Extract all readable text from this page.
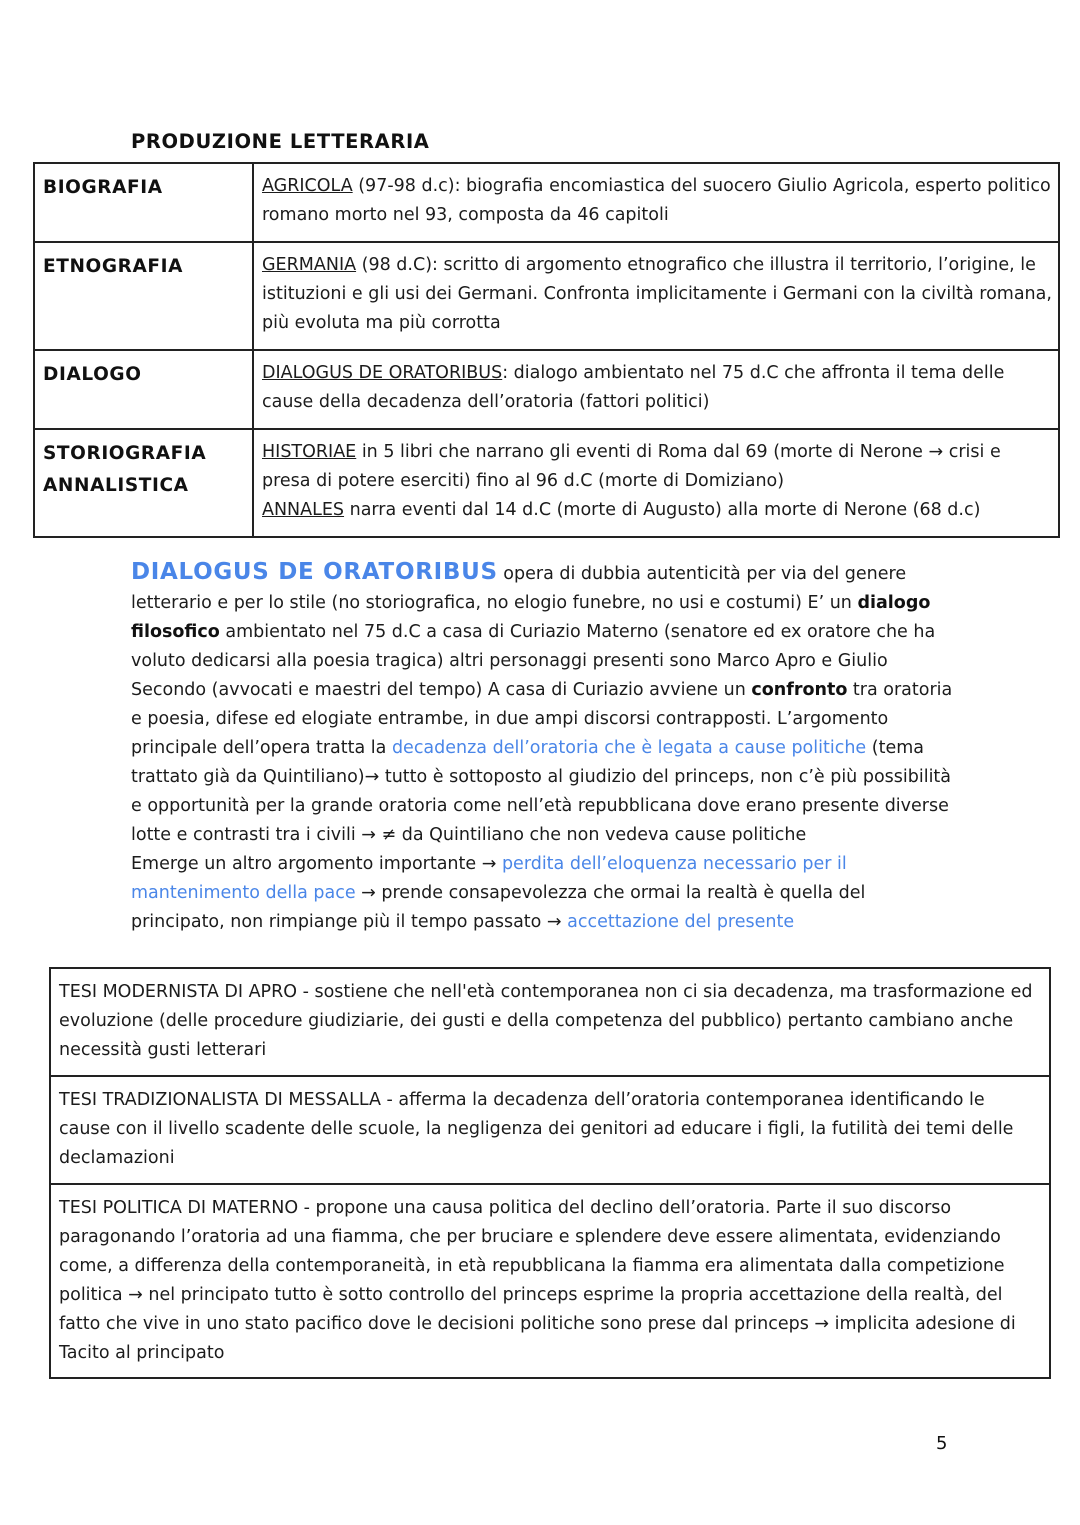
PRODUZIONE LETTERARIA
BIOGRAFIA	AGRICOLA (97-98 d.c): biografia encomiastica del suocero Giulio Agricola, esperto politico romano morto nel 93, composta da 46 capitoli
ETNOGRAFIA	GERMANIA (98 d.C): scritto di argomento etnografico che illustra il territorio, l’origine, le istituzioni e gli usi dei Germani. Confronta implicitamente i Germani con la civiltà romana, più evoluta ma più corrotta
DIALOGO	DIALOGUS DE ORATORIBUS: dialogo ambientato nel 75 d.C che affronta il tema delle cause della decadenza dell’oratoria (fattori politici)
STORIOGRAFIA ANNALISTICA	HISTORIAE in 5 libri che narrano gli eventi di Roma dal 69 (morte di Nerone → crisi e presa di potere eserciti) fino al 96 d.C (morte di Domiziano)
ANNALES narra eventi dal 14 d.C (morte di Augusto) alla morte di Nerone (68 d.c)
DIALOGUS DE ORATORIBUS opera di dubbia autenticità per via del genere letterario e per lo stile (no storiografica, no elogio funebre, no usi e costumi) E’ un dialogo filosofico ambientato nel 75 d.C a casa di Curiazio Materno (senatore ed ex oratore che ha voluto dedicarsi alla poesia tragica) altri personaggi presenti sono Marco Apro e Giulio Secondo (avvocati e maestri del tempo) A casa di Curiazio avviene un confronto tra oratoria e poesia, difese ed elogiate entrambe, in due ampi discorsi contrapposti. L’argomento principale dell’opera tratta la decadenza dell’oratoria che è legata a cause politiche (tema trattato già da Quintiliano)→ tutto è sottoposto al giudizio del princeps, non c’è più possibilità e opportunità per la grande oratoria come nell’età repubblicana dove erano presente diverse lotte e contrasti tra i civili → ≠ da Quintiliano che non vedeva cause politiche
Emerge un altro argomento importante → perdita dell’eloquenza necessario per il mantenimento della pace → prende consapevolezza che ormai la realtà è quella del principato, non rimpiange più il tempo passato → accettazione del presente
TESI MODERNISTA DI APRO - sostiene che nell'età contemporanea non ci sia decadenza, ma trasformazione ed evoluzione (delle procedure giudiziarie, dei gusti e della competenza del pubblico) pertanto cambiano anche necessità gusti letterari
TESI TRADIZIONALISTA DI MESSALLA - afferma la decadenza dell’oratoria contemporanea identificando le cause con il livello scadente delle scuole, la negligenza dei genitori ad educare i figli, la futilità dei temi delle declamazioni
TESI POLITICA DI MATERNO - propone una causa politica del declino dell’oratoria. Parte il suo discorso paragonando l’oratoria ad una fiamma, che per bruciare e splendere deve essere alimentata, evidenziando come, a differenza della contemporaneità, in età repubblicana la fiamma era alimentata dalla competizione politica → nel principato tutto è sotto controllo del princeps esprime la propria accettazione della realtà, del fatto che vive in uno stato pacifico dove le decisioni politiche sono prese dal princeps → implicita adesione di Tacito al principato
5
